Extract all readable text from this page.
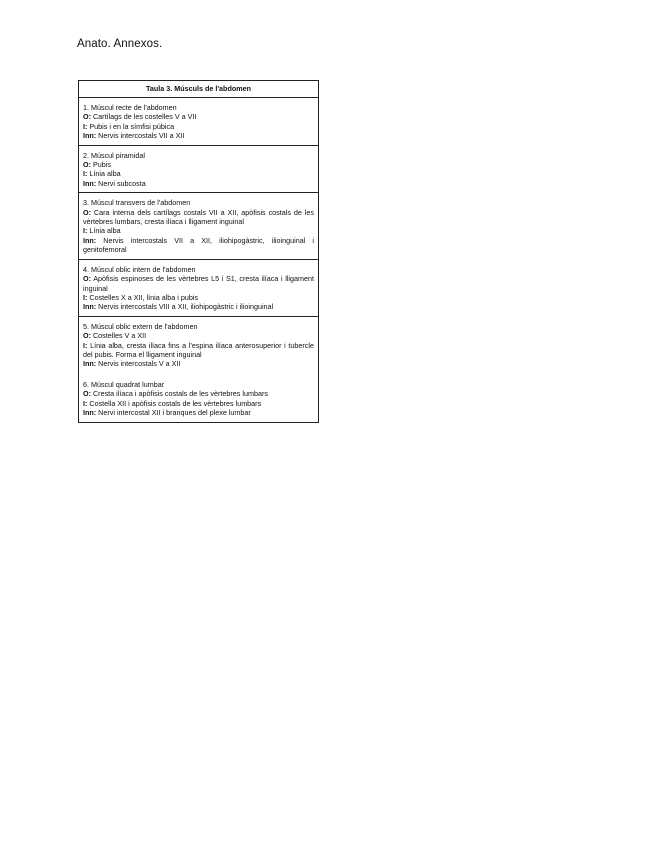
Anato. Annexos.
Taula 3. Músculs de l'abdomen
1. Múscul recte de l'abdomen
O: Cartílags de les costelles V a VII
I: Pubis i en la símfisi púbica
Inn: Nervis intercostals VII a XII
2. Múscul piramidal
O: Pubis
I: Línia alba
Inn: Nervi subcosta
3. Múscul transvers de l'abdomen
O: Cara interna dels cartílags costals VII a XII, apòfisis costals de les vèrtebres lumbars, cresta ilíaca i lligament inguinal
I: Línia alba
Inn: Nervis intercostals VII a XII, iliohipogàstric, ilioinguinal i genitofemoral
4. Múscul oblic intern de l'abdomen
O: Apòfisis espinoses de les vèrtebres L5 i S1, cresta ilíaca i lligament inguinal
I: Costelles X a XII, línia alba i pubis
Inn: Nervis intercostals VIII a XII, iliohipogàstric i ilioinguinal
5. Múscul oblic extern de l'abdomen
O: Costelles V a XII
I: Línia alba, cresta ilíaca fins a l'espina ilíaca anterosuperior i tubercle del pubis. Forma el lligament inguinal
Inn: Nervis intercostals V a XII
6. Múscul quadrat lumbar
O: Cresta ilíaca i apòfisis costals de les vèrtebres lumbars
I: Costella XII i apòfisis costals de les vèrtebres lumbars
Inn: Nervi intercostal XII i branques del plexe lumbar
